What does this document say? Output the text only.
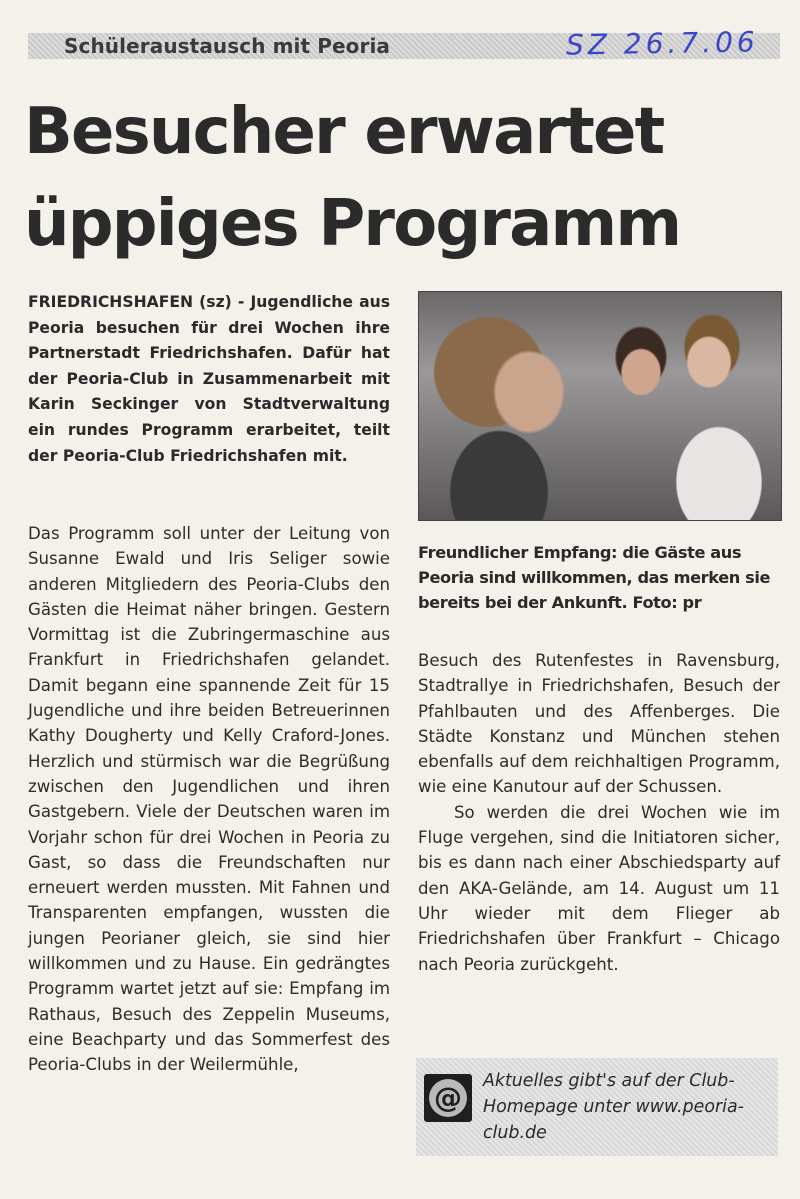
Schüleraustausch mit Peoria	SZ 26.7.06
Besucher erwartet
üppiges Programm
FRIEDRICHSHAFEN (sz) - Jugendliche aus Peoria besuchen für drei Wochen ihre Partnerstadt Friedrichshafen. Dafür hat der Peoria-Club in Zusammenarbeit mit Karin Seckinger von Stadtverwaltung ein rundes Programm erarbeitet, teilt der Peoria-Club Friedrichshafen mit.
Freundlicher Empfang: die Gäste aus Peoria sind willkommen, das merken sie bereits bei der Ankunft. Foto: pr

Das Programm soll unter der Leitung von Susanne Ewald und Iris Seliger sowie anderen Mitgliedern des Peoria-Clubs den Gästen die Heimat näher bringen. Gestern Vormittag ist die Zubringermaschine aus Frankfurt in Friedrichshafen gelandet. Damit begann eine spannende Zeit für 15 Jugendliche und ihre beiden Betreuerinnen Kathy Dougherty und Kelly Craford-Jones. Herzlich und stürmisch war die Begrüßung zwischen den Jugendlichen und ihren Gastgebern. Viele der Deutschen waren im Vorjahr schon für drei Wochen in Peoria zu Gast, so dass die Freundschaften nur erneuert werden mussten. Mit Fahnen und Transparenten empfangen, wussten die jungen Peorianer gleich, sie sind hier willkommen und zu Hause. Ein gedrängtes Programm wartet jetzt auf sie: Empfang im Rathaus, Besuch des Zeppelin Museums, eine Beachparty und das Sommerfest des Peoria-Clubs in der Weilermühle,

Besuch des Rutenfestes in Ravensburg, Stadtrallye in Friedrichshafen, Besuch der Pfahlbauten und des Affenberges. Die Städte Konstanz und München stehen ebenfalls auf dem reichhaltigen Programm, wie eine Kanutour auf der Schussen.

So werden die drei Wochen wie im Fluge vergehen, sind die Initiatoren sicher, bis es dann nach einer Abschiedsparty auf den AKA-Gelände, am 14. August um 11 Uhr wieder mit dem Flieger ab Friedrichshafen über Frankfurt – Chicago nach Peoria zurückgeht.

@ Aktuelles gibt's auf der Club-Homepage unter www.peoria-club.de
